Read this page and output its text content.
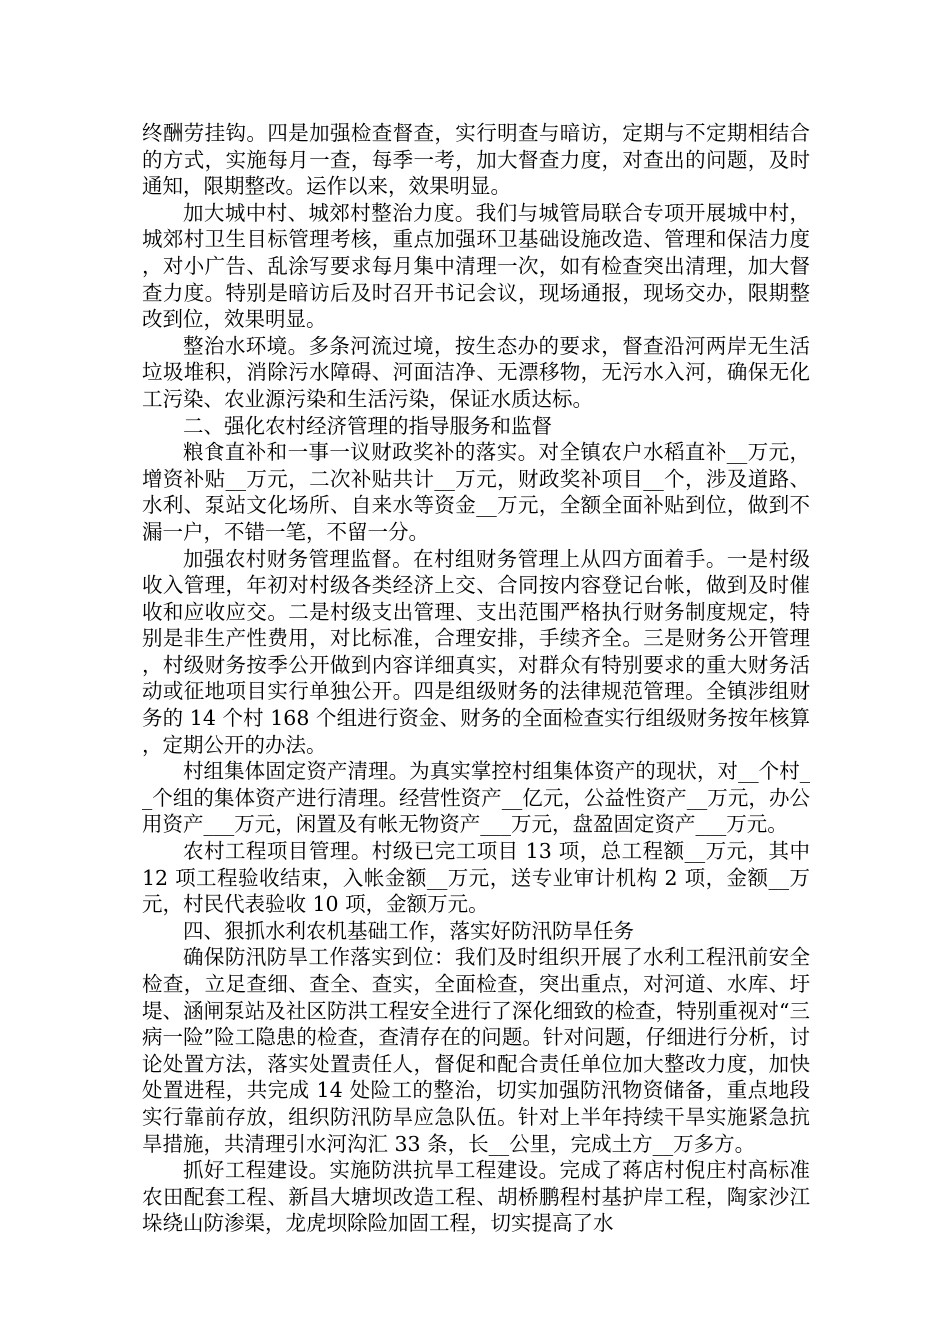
终酬劳挂钩。四是加强检查督查，实行明查与暗访，定期与不定期相结合的方式，实施每月一查，每季一考，加大督查力度，对查出的问题，及时通知，限期整改。运作以来，效果明显。

加大城中村、城郊村整治力度。我们与城管局联合专项开展城中村，城郊村卫生目标管理考核，重点加强环卫基础设施改造、管理和保洁力度，对小广告、乱涂写要求每月集中清理一次，如有检查突出清理，加大督查力度。特别是暗访后及时召开书记会议，现场通报，现场交办，限期整改到位，效果明显。

整治水环境。多条河流过境，按生态办的要求，督查沿河两岸无生活垃圾堆积，消除污水障碍、河面洁净、无漂移物，无污水入河，确保无化工污染、农业源污染和生活污染，保证水质达标。

二、强化农村经济管理的指导服务和监督

粮食直补和一事一议财政奖补的落实。对全镇农户水稻直补__万元，增资补贴__万元，二次补贴共计__万元，财政奖补项目__个，涉及道路、水利、泵站文化场所、自来水等资金__万元，全额全面补贴到位，做到不漏一户，不错一笔，不留一分。

加强农村财务管理监督。在村组财务管理上从四方面着手。一是村级收入管理，年初对村级各类经济上交、合同按内容登记台帐，做到及时催收和应收应交。二是村级支出管理、支出范围严格执行财务制度规定，特别是非生产性费用，对比标准，合理安排，手续齐全。三是财务公开管理，村级财务按季公开做到内容详细真实，对群众有特别要求的重大财务活动或征地项目实行单独公开。四是组级财务的法律规范管理。全镇涉组财务的 14 个村 168 个组进行资金、财务的全面检查实行组级财务按年核算，定期公开的办法。

村组集体固定资产清理。为真实掌控村组集体资产的现状，对__个村__个组的集体资产进行清理。经营性资产__亿元，公益性资产__万元，办公用资产___万元，闲置及有帐无物资产___万元，盘盈固定资产___万元。

农村工程项目管理。村级已完工项目 13 项，总工程额__万元，其中 12 项工程验收结束，入帐金额__万元，送专业审计机构 2 项，金额__万元，村民代表验收 10 项，金额万元。

四、狠抓水利农机基础工作，落实好防汛防旱任务

确保防汛防旱工作落实到位：我们及时组织开展了水利工程汛前安全检查，立足查细、查全、查实，全面检查，突出重点，对河道、水库、圩堤、涵闸泵站及社区防洪工程安全进行了深化细致的检查，特别重视对“三病一险”险工隐患的检查，查清存在的问题。针对问题，仔细进行分析，讨论处置方法，落实处置责任人，督促和配合责任单位加大整改力度，加快处置进程，共完成 14 处险工的整治，切实加强防汛物资储备，重点地段实行靠前存放，组织防汛防旱应急队伍。针对上半年持续干旱实施紧急抗旱措施，共清理引水河沟汇 33 条，长__公里，完成土方__万多方。

抓好工程建设。实施防洪抗旱工程建设。完成了蒋店村倪庄村高标准农田配套工程、新昌大塘坝改造工程、胡桥鹏程村基护岸工程，陶家沙江垛绕山防渗渠，龙虎坝除险加固工程，切实提高了水
